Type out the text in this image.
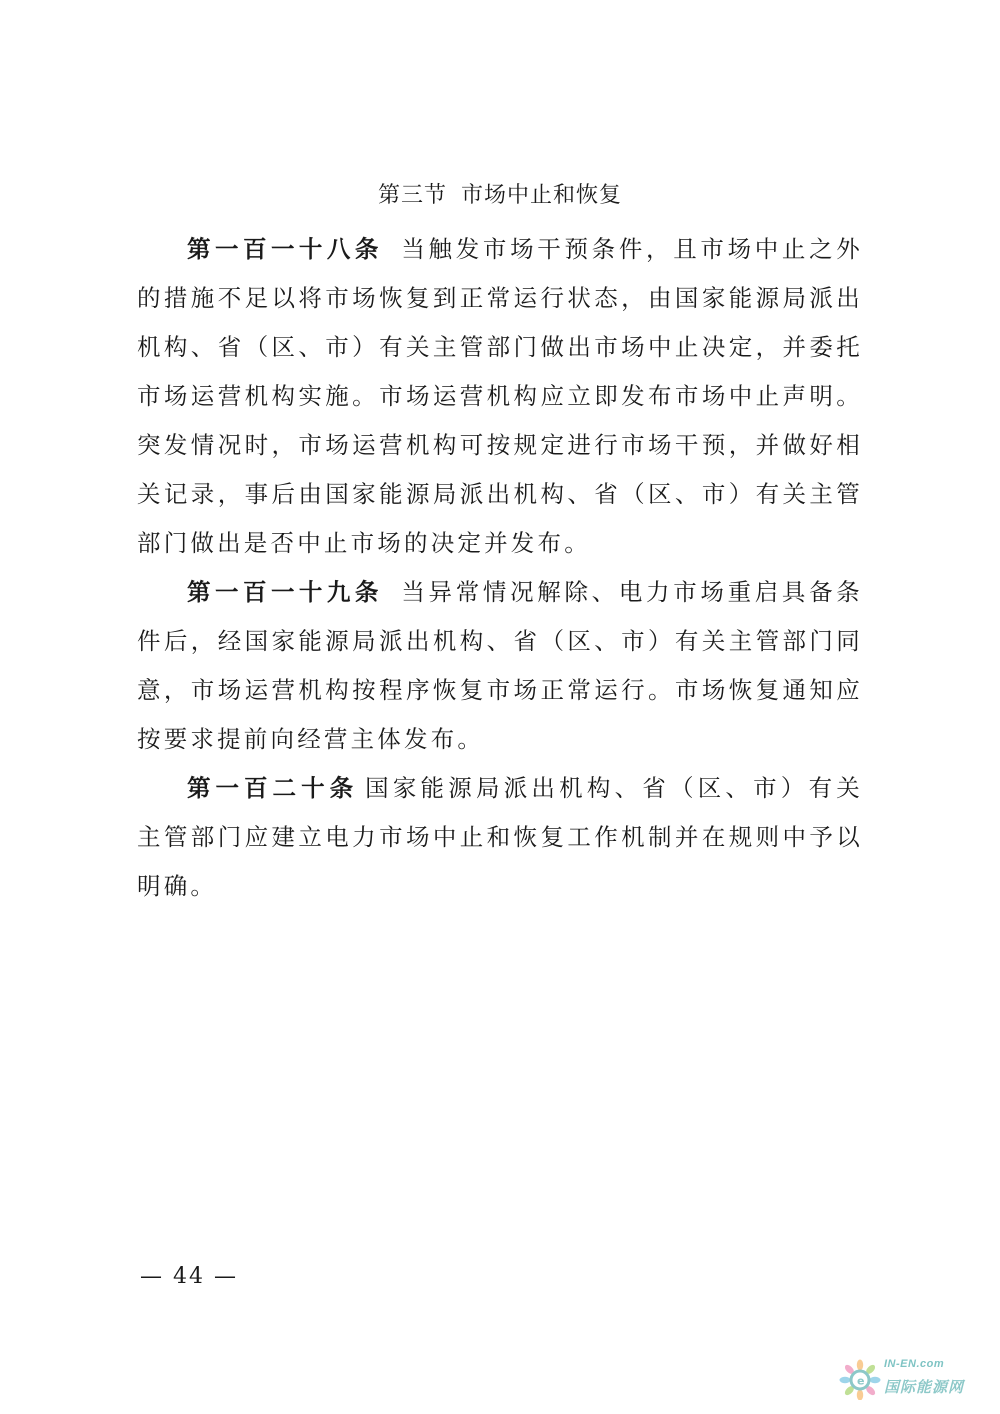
第三节 市场中止和恢复

第一百一十八条 当触发市场干预条件，且市场中止之外的措施不足以将市场恢复到正常运行状态，由国家能源局派出机构、省（区、市）有关主管部门做出市场中止决定，并委托市场运营机构实施。市场运营机构应立即发布市场中止声明。突发情况时，市场运营机构可按规定进行市场干预，并做好相关记录，事后由国家能源局派出机构、省（区、市）有关主管部门做出是否中止市场的决定并发布。

第一百一十九条 当异常情况解除、电力市场重启具备条件后，经国家能源局派出机构、省（区、市）有关主管部门同意，市场运营机构按程序恢复市场正常运行。市场恢复通知应按要求提前向经营主体发布。

第一百二十条 国家能源局派出机构、省（区、市）有关主管部门应建立电力市场中止和恢复工作机制并在规则中予以明确。

— 44 —
e
IN-EN.com
国际能源网
